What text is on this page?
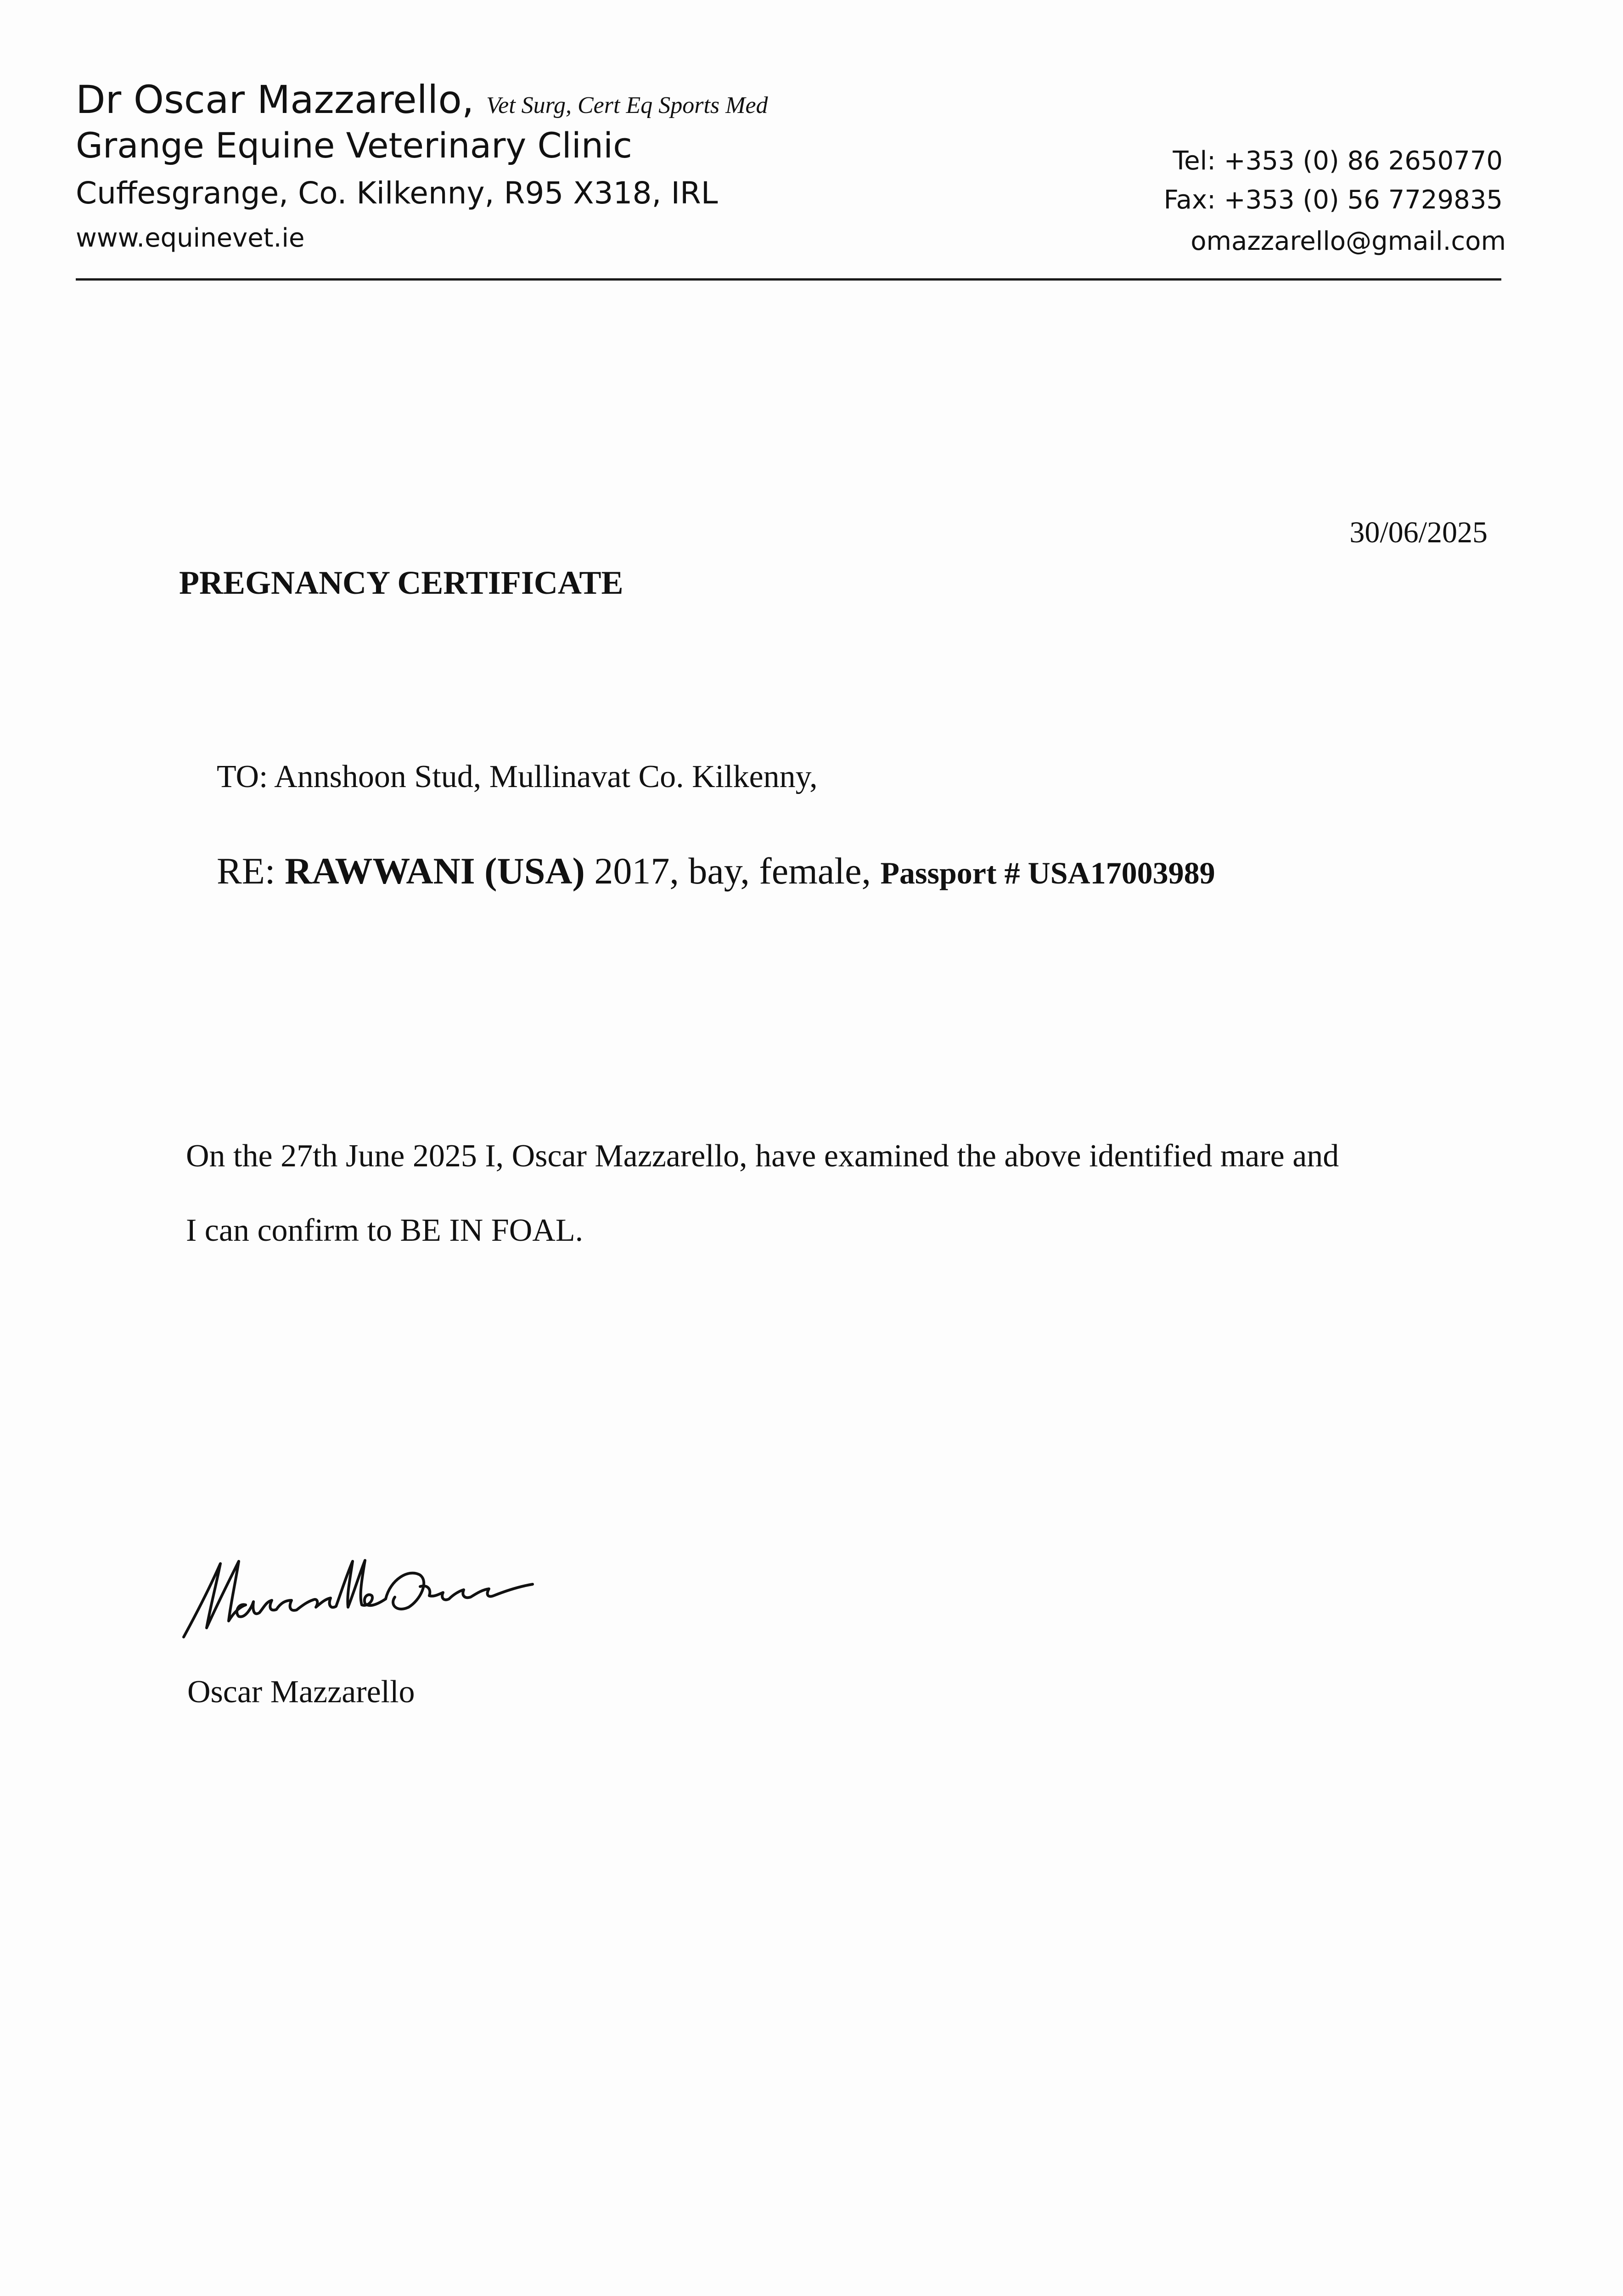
Dr Oscar Mazzarello, Vet Surg, Cert Eq Sports Med
Grange Equine Veterinary Clinic
Cuffesgrange, Co. Kilkenny, R95 X318, IRL
www.equinevet.ie
Tel: +353 (0) 86 2650770
Fax: +353 (0) 56 7729835
omazzarello@gmail.com
30/06/2025
PREGNANCY CERTIFICATE
TO: Annshoon Stud, Mullinavat Co. Kilkenny,
RE: RAWWANI (USA) 2017, bay, female, Passport # USA17003989
On the 27th June 2025 I, Oscar Mazzarello, have examined the above identified mare and
I can confirm to BE IN FOAL.
Mazzarello Oscar
Oscar Mazzarello
